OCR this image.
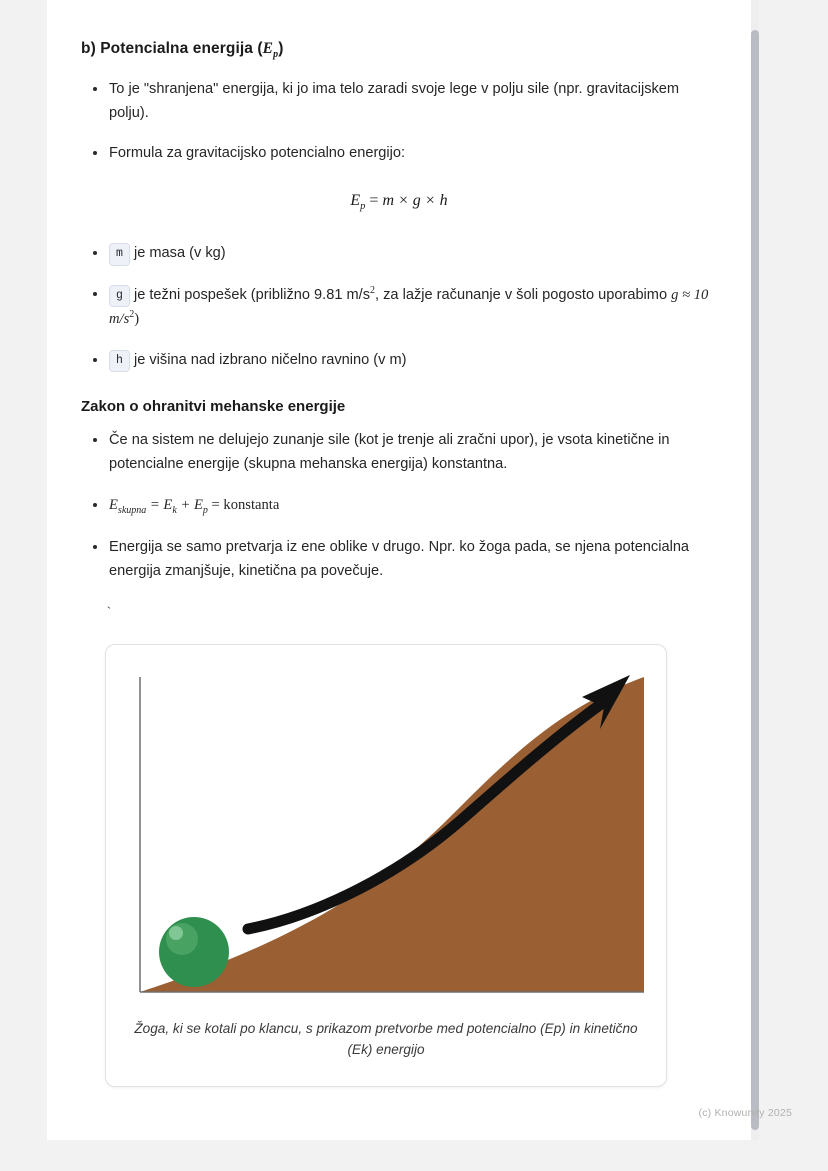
b) Potencialna energija $(E_p)$
To je "shranjena" energija, ki jo ima telo zaradi svoje lege v polju sile (npr. gravitacijskem polju).
Formula za gravitacijsko potencialno energijo:
$E_p = m \times g \times h$
m je masa (v kg)
g je težni pospešek (približno 9.81 $m/s^2$, za lažje računanje v šoli pogosto uporabimo g ≈ 10 $m/s^2$)
h je višina nad izbrano ničelno ravnino (v m)
Zakon o ohranitvi mehanske energije
Če na sistem ne delujejo zunanje sile (kot je trenje ali zračni upor), je vsota kinetične in potencialne energije (skupna mehanska energija) konstantna.
$E_{skupna} = E_k + E_p$ = konstanta
Energija se samo pretvarja iz ene oblike v drugo. Npr. ko žoga pada, se njena potencialna energija zmanjšuje, kinetična pa povečuje.
`
Žoga, ki se kotali po klancu, s prikazom pretvorbe med potencialno (Ep) in kinetično (Ek) energijo
(c) Knowunity 2025
